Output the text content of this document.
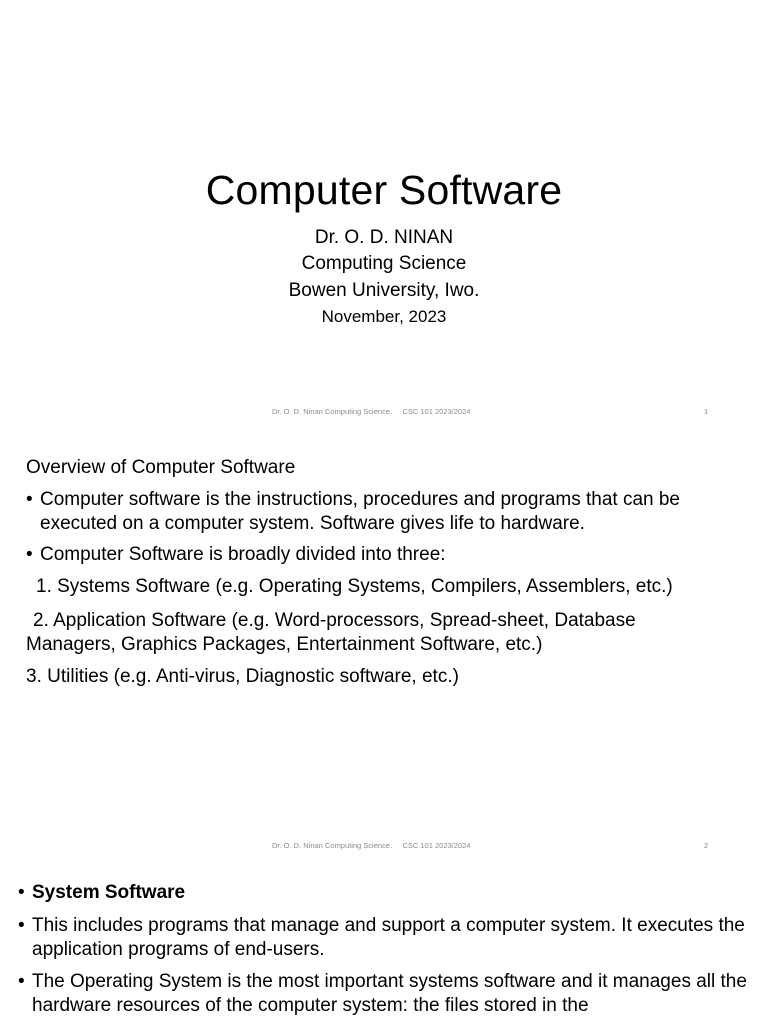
Computer Software
Dr. O. D. NINAN
Computing Science
Bowen University, Iwo.
November, 2023
Dr. O. D. Ninan Computing Science.     CSC 101 2023/2024	1
Overview of Computer Software
• Computer software is the instructions, procedures and programs that can be executed on a computer system. Software gives life to hardware.
• Computer Software is broadly divided into three:
1. Systems Software (e.g. Operating Systems, Compilers, Assemblers, etc.)
2. Application Software (e.g. Word-processors, Spread-sheet, Database Managers, Graphics Packages, Entertainment Software, etc.)
3. Utilities (e.g. Anti-virus, Diagnostic software, etc.)
Dr. O. D. Ninan Computing Science.     CSC 101 2023/2024	2
• System Software
• This includes programs that manage and support a computer system. It executes the application programs of end-users.
• The Operating System is the most important systems software and it manages all the hardware resources of the computer system: the files stored in the
